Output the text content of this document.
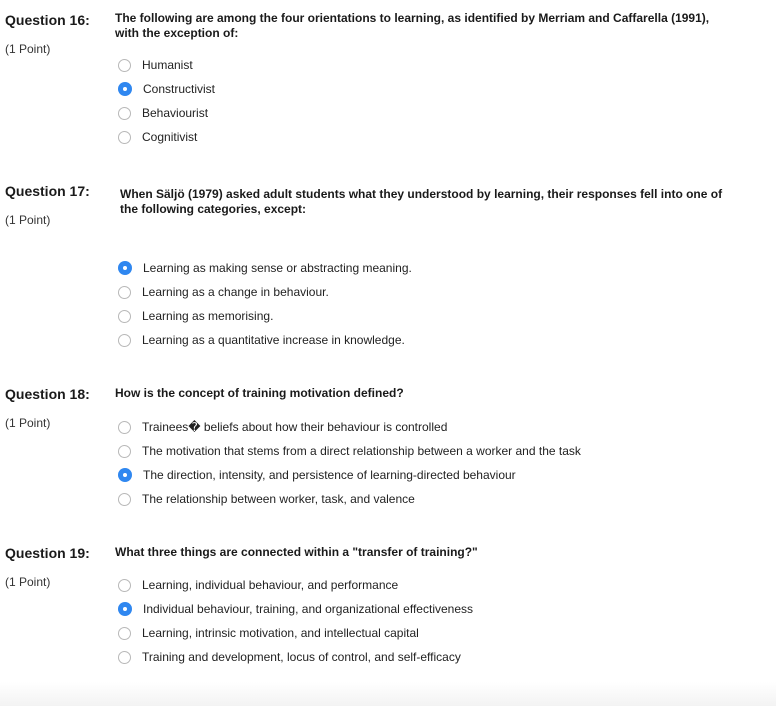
Question 16:
(1 Point)
The following are among the four orientations to learning, as identified by Merriam and Caffarella (1991), with the exception of:
Humanist
Constructivist
Behaviourist
Cognitivist
Question 17:
(1 Point)
When Säljö (1979) asked adult students what they understood by learning, their responses fell into one of the following categories, except:
Learning as making sense or abstracting meaning.
Learning as a change in behaviour.
Learning as memorising.
Learning as a quantitative increase in knowledge.
Question 18:
(1 Point)
How is the concept of training motivation defined?
Trainees� beliefs about how their behaviour is controlled
The motivation that stems from a direct relationship between a worker and the task
The direction, intensity, and persistence of learning-directed behaviour
The relationship between worker, task, and valence
Question 19:
(1 Point)
What three things are connected within a "transfer of training?"
Learning, individual behaviour, and performance
Individual behaviour, training, and organizational effectiveness
Learning, intrinsic motivation, and intellectual capital
Training and development, locus of control, and self-efficacy
